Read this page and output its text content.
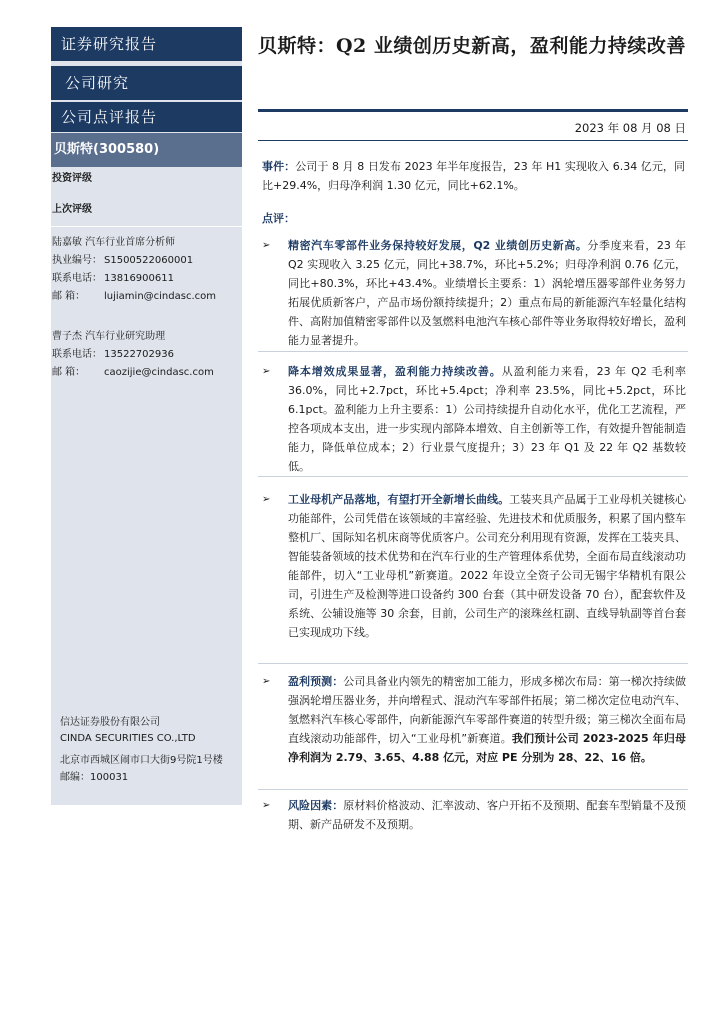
证券研究报告
公司研究
公司点评报告
贝斯特(300580)
投资评级
上次评级
陆嘉敏 汽车行业首席分析师
执业编号： S1500522060001
联系电话： 13816900611
邮 箱： lujiamin@cindasc.com
曹子杰 汽车行业研究助理
联系电话： 13522702936
邮 箱： caozijie@cindasc.com
信达证券股份有限公司
CINDA SECURITIES CO.,LTD
北京市西城区闹市口大街9号院1号楼
邮编：100031
贝斯特：Q2 业绩创历史新高，盈利能力持续改善
2023 年 08 月 08 日
事件：公司于 8 月 8 日发布 2023 年半年度报告，23 年 H1 实现收入 6.34 亿元，同比+29.4%，归母净利润 1.30 亿元，同比+62.1%。
点评：
➢ 精密汽车零部件业务保持较好发展，Q2 业绩创历史新高。分季度来看，23 年 Q2 实现收入 3.25 亿元，同比+38.7%，环比+5.2%；归母净利润 0.76 亿元，同比+80.3%，环比+43.4%。业绩增长主要系：1）涡轮增压器零部件业务努力拓展优质新客户，产品市场份额持续提升；2）重点布局的新能源汽车轻量化结构件、高附加值精密零部件以及氢燃料电池汽车核心部件等业务取得较好增长，盈利能力显著提升。
➢ 降本增效成果显著，盈利能力持续改善。从盈利能力来看，23 年 Q2 毛利率 36.0%，同比+2.7pct，环比+5.4pct；净利率 23.5%，同比+5.2pct，环比 6.1pct。盈利能力上升主要系：1）公司持续提升自动化水平，优化工艺流程，严控各项成本支出，进一步实现内部降本增效、自主创新等工作，有效提升智能制造能力，降低单位成本；2）行业景气度提升；3）23 年 Q1 及 22 年 Q2 基数较低。
➢ 工业母机产品落地，有望打开全新增长曲线。工装夹具产品属于工业母机关键核心功能部件，公司凭借在该领域的丰富经验、先进技术和优质服务，积累了国内整车整机厂、国际知名机床商等优质客户。公司充分利用现有资源，发挥在工装夹具、智能装备领域的技术优势和在汽车行业的生产管理体系优势，全面布局直线滚动功能部件，切入“工业母机”新赛道。2022 年设立全资子公司无锡宇华精机有限公司，引进生产及检测等进口设备约 300 台套（其中研发设备 70 台），配套软件及系统、公辅设施等 30 余套，目前，公司生产的滚珠丝杠副、直线导轨副等首台套已实现成功下线。
➢ 盈利预测：公司具备业内领先的精密加工能力，形成多梯次布局：第一梯次持续做强涡轮增压器业务，并向增程式、混动汽车零部件拓展；第二梯次定位电动汽车、氢燃料汽车核心零部件，向新能源汽车零部件赛道的转型升级；第三梯次全面布局直线滚动功能部件，切入“工业母机”新赛道。我们预计公司 2023-2025 年归母净利润为 2.79、3.65、4.88 亿元，对应 PE 分别为 28、22、16 倍。
➢ 风险因素：原材料价格波动、汇率波动、客户开拓不及预期、配套车型销量不及预期、新产品研发不及预期。
